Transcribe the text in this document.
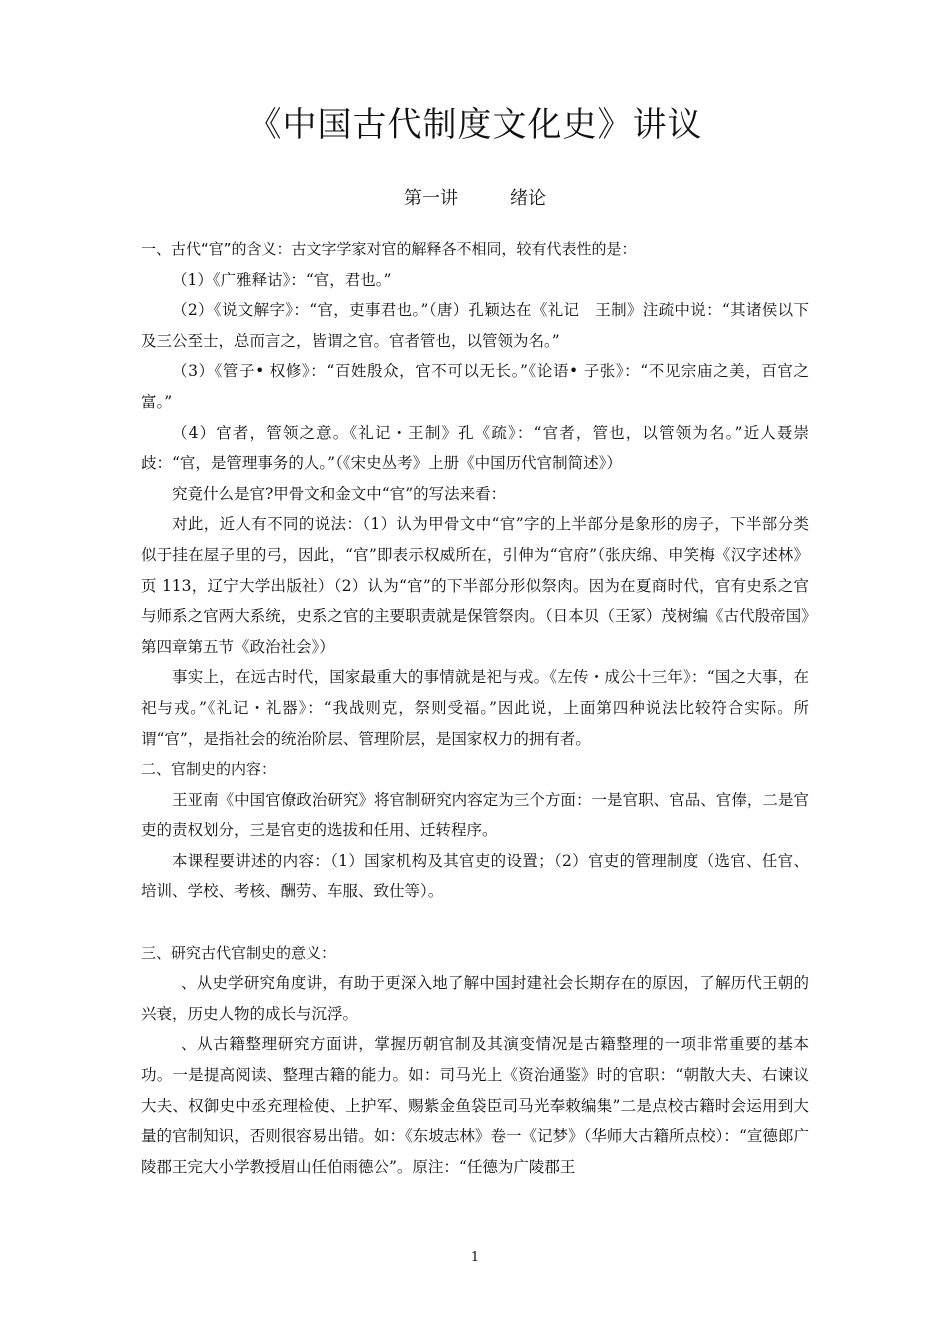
《中国古代制度文化史》讲议
第一讲	绪论

一、古代“官”的含义：古文字学家对官的解释各不相同，较有代表性的是：

（1）《广雅释诂》：“官，君也。”

（2）《说文解字》：“官，吏事君也。”（唐）孔颖达在《礼记　王制》注疏中说：“其诸侯以下及三公至士，总而言之，皆谓之官。官者管也，以管领为名。”

（3）《管子• 权修》：“百姓殷众，官不可以无长。”《论语• 子张》：“不见宗庙之美，百官之富。”

（4）官者，管领之意。《礼记・王制》孔《疏》：“官者，管也，以管领为名。”近人聂崇歧：“官，是管理事务的人。”（《宋史丛考》上册《中国历代官制简述》）

究竟什么是官?甲骨文和金文中“官”的写法来看：

对此，近人有不同的说法：（1）认为甲骨文中“官”字的上半部分是象形的房子，下半部分类似于挂在屋子里的弓，因此，“官”即表示权威所在，引伸为“官府”（张庆绵、申笑梅《汉字述林》页 113，辽宁大学出版社）（2）认为“官”的下半部分形似祭肉。因为在夏商时代，官有史系之官与师系之官两大系统，史系之官的主要职责就是保管祭肉。（日本贝（王冢）茂树编《古代殷帝国》第四章第五节《政治社会》）

事实上，在远古时代，国家最重大的事情就是祀与戎。《左传・成公十三年》：“国之大事，在祀与戎。”《礼记・礼器》：“我战则克，祭则受福。”因此说，上面第四种说法比较符合实际。所谓“官”，是指社会的统治阶层、管理阶层，是国家权力的拥有者。

二、官制史的内容：

王亚南《中国官僚政治研究》将官制研究内容定为三个方面：一是官职、官品、官俸，二是官吏的责权划分，三是官吏的选拔和任用、迁转程序。

本课程要讲述的内容：（1）国家机构及其官吏的设置；（2）官吏的管理制度（选官、任官、培训、学校、考核、酬劳、车服、致仕等）。

三、研究古代官制史的意义：

、从史学研究角度讲，有助于更深入地了解中国封建社会长期存在的原因，了解历代王朝的兴衰，历史人物的成长与沉浮。

、从古籍整理研究方面讲，掌握历朝官制及其演变情况是古籍整理的一项非常重要的基本功。一是提高阅读、整理古籍的能力。如：司马光上《资治通鉴》时的官职：“朝散大夫、右谏议大夫、权御史中丞充理检使、上护军、赐紫金鱼袋臣司马光奉敕编集”二是点校古籍时会运用到大量的官制知识，否则很容易出错。如：《东坡志林》卷一《记梦》（华师大古籍所点校）：“宣德郎广陵郡王完大小学教授眉山任伯雨德公”。原注：“任德为广陵郡王

1
